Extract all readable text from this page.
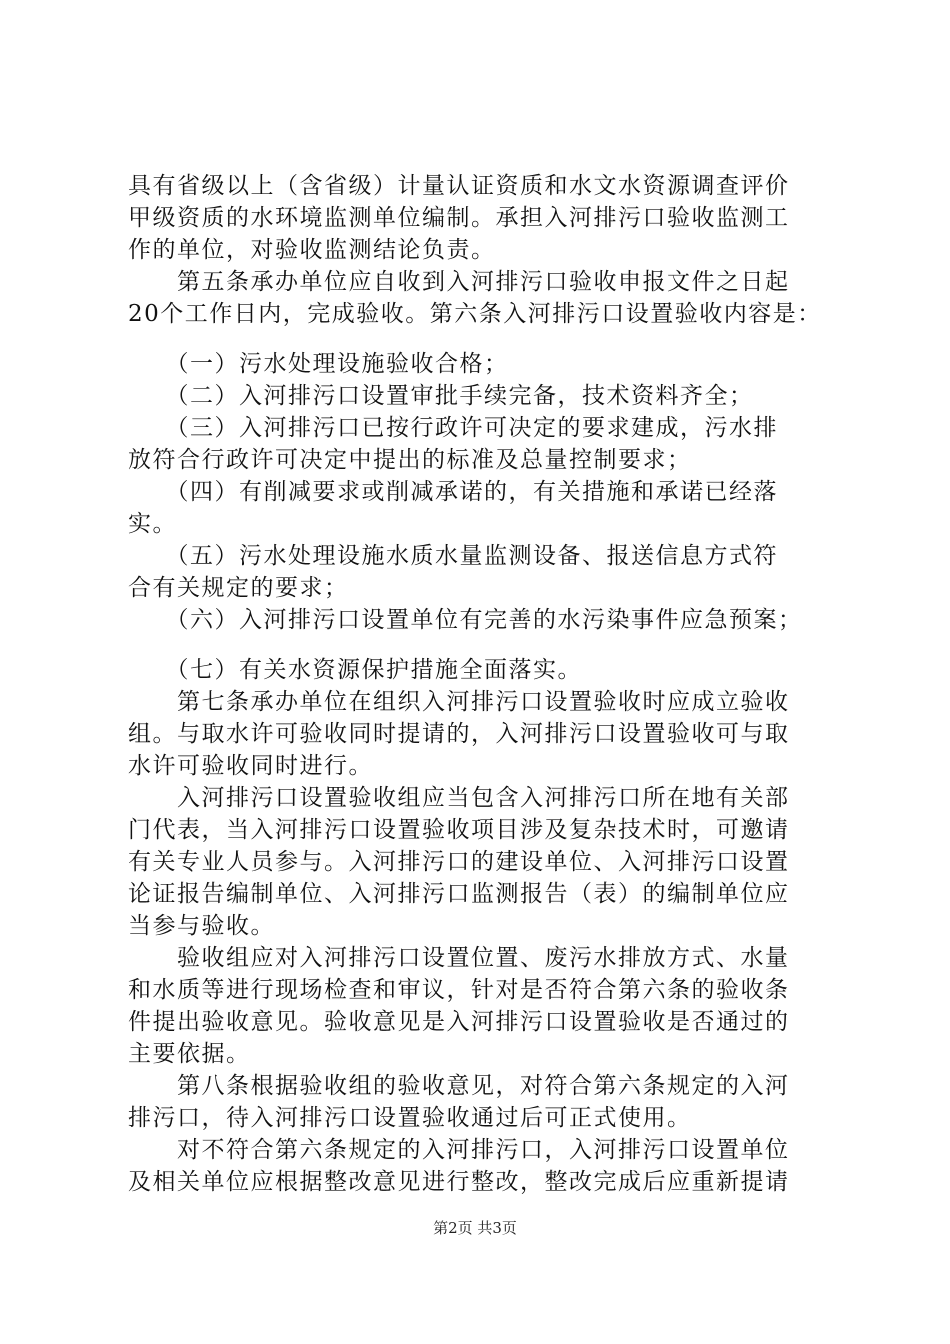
具有省级以上（含省级）计量认证资质和水文水资源调查评价
甲级资质的水环境监测单位编制。承担入河排污口验收监测工
作的单位，对验收监测结论负责。
　　第五条承办单位应自收到入河排污口验收申报文件之日起
20个工作日内，完成验收。第六条入河排污口设置验收内容是：
　　（一）污水处理设施验收合格；
　　（二）入河排污口设置审批手续完备，技术资料齐全；
　　（三）入河排污口已按行政许可决定的要求建成，污水排
放符合行政许可决定中提出的标准及总量控制要求；
　　（四）有削减要求或削减承诺的，有关措施和承诺已经落
实。
　　（五）污水处理设施水质水量监测设备、报送信息方式符
合有关规定的要求；
　　（六）入河排污口设置单位有完善的水污染事件应急预案；
　　（七）有关水资源保护措施全面落实。
　　第七条承办单位在组织入河排污口设置验收时应成立验收
组。与取水许可验收同时提请的，入河排污口设置验收可与取
水许可验收同时进行。
　　入河排污口设置验收组应当包含入河排污口所在地有关部
门代表，当入河排污口设置验收项目涉及复杂技术时，可邀请
有关专业人员参与。入河排污口的建设单位、入河排污口设置
论证报告编制单位、入河排污口监测报告（表）的编制单位应
当参与验收。
　　验收组应对入河排污口设置位置、废污水排放方式、水量
和水质等进行现场检查和审议，针对是否符合第六条的验收条
件提出验收意见。验收意见是入河排污口设置验收是否通过的
主要依据。
　　第八条根据验收组的验收意见，对符合第六条规定的入河
排污口，待入河排污口设置验收通过后可正式使用。
　　对不符合第六条规定的入河排污口，入河排污口设置单位
及相关单位应根据整改意见进行整改，整改完成后应重新提请
第2页 共3页
